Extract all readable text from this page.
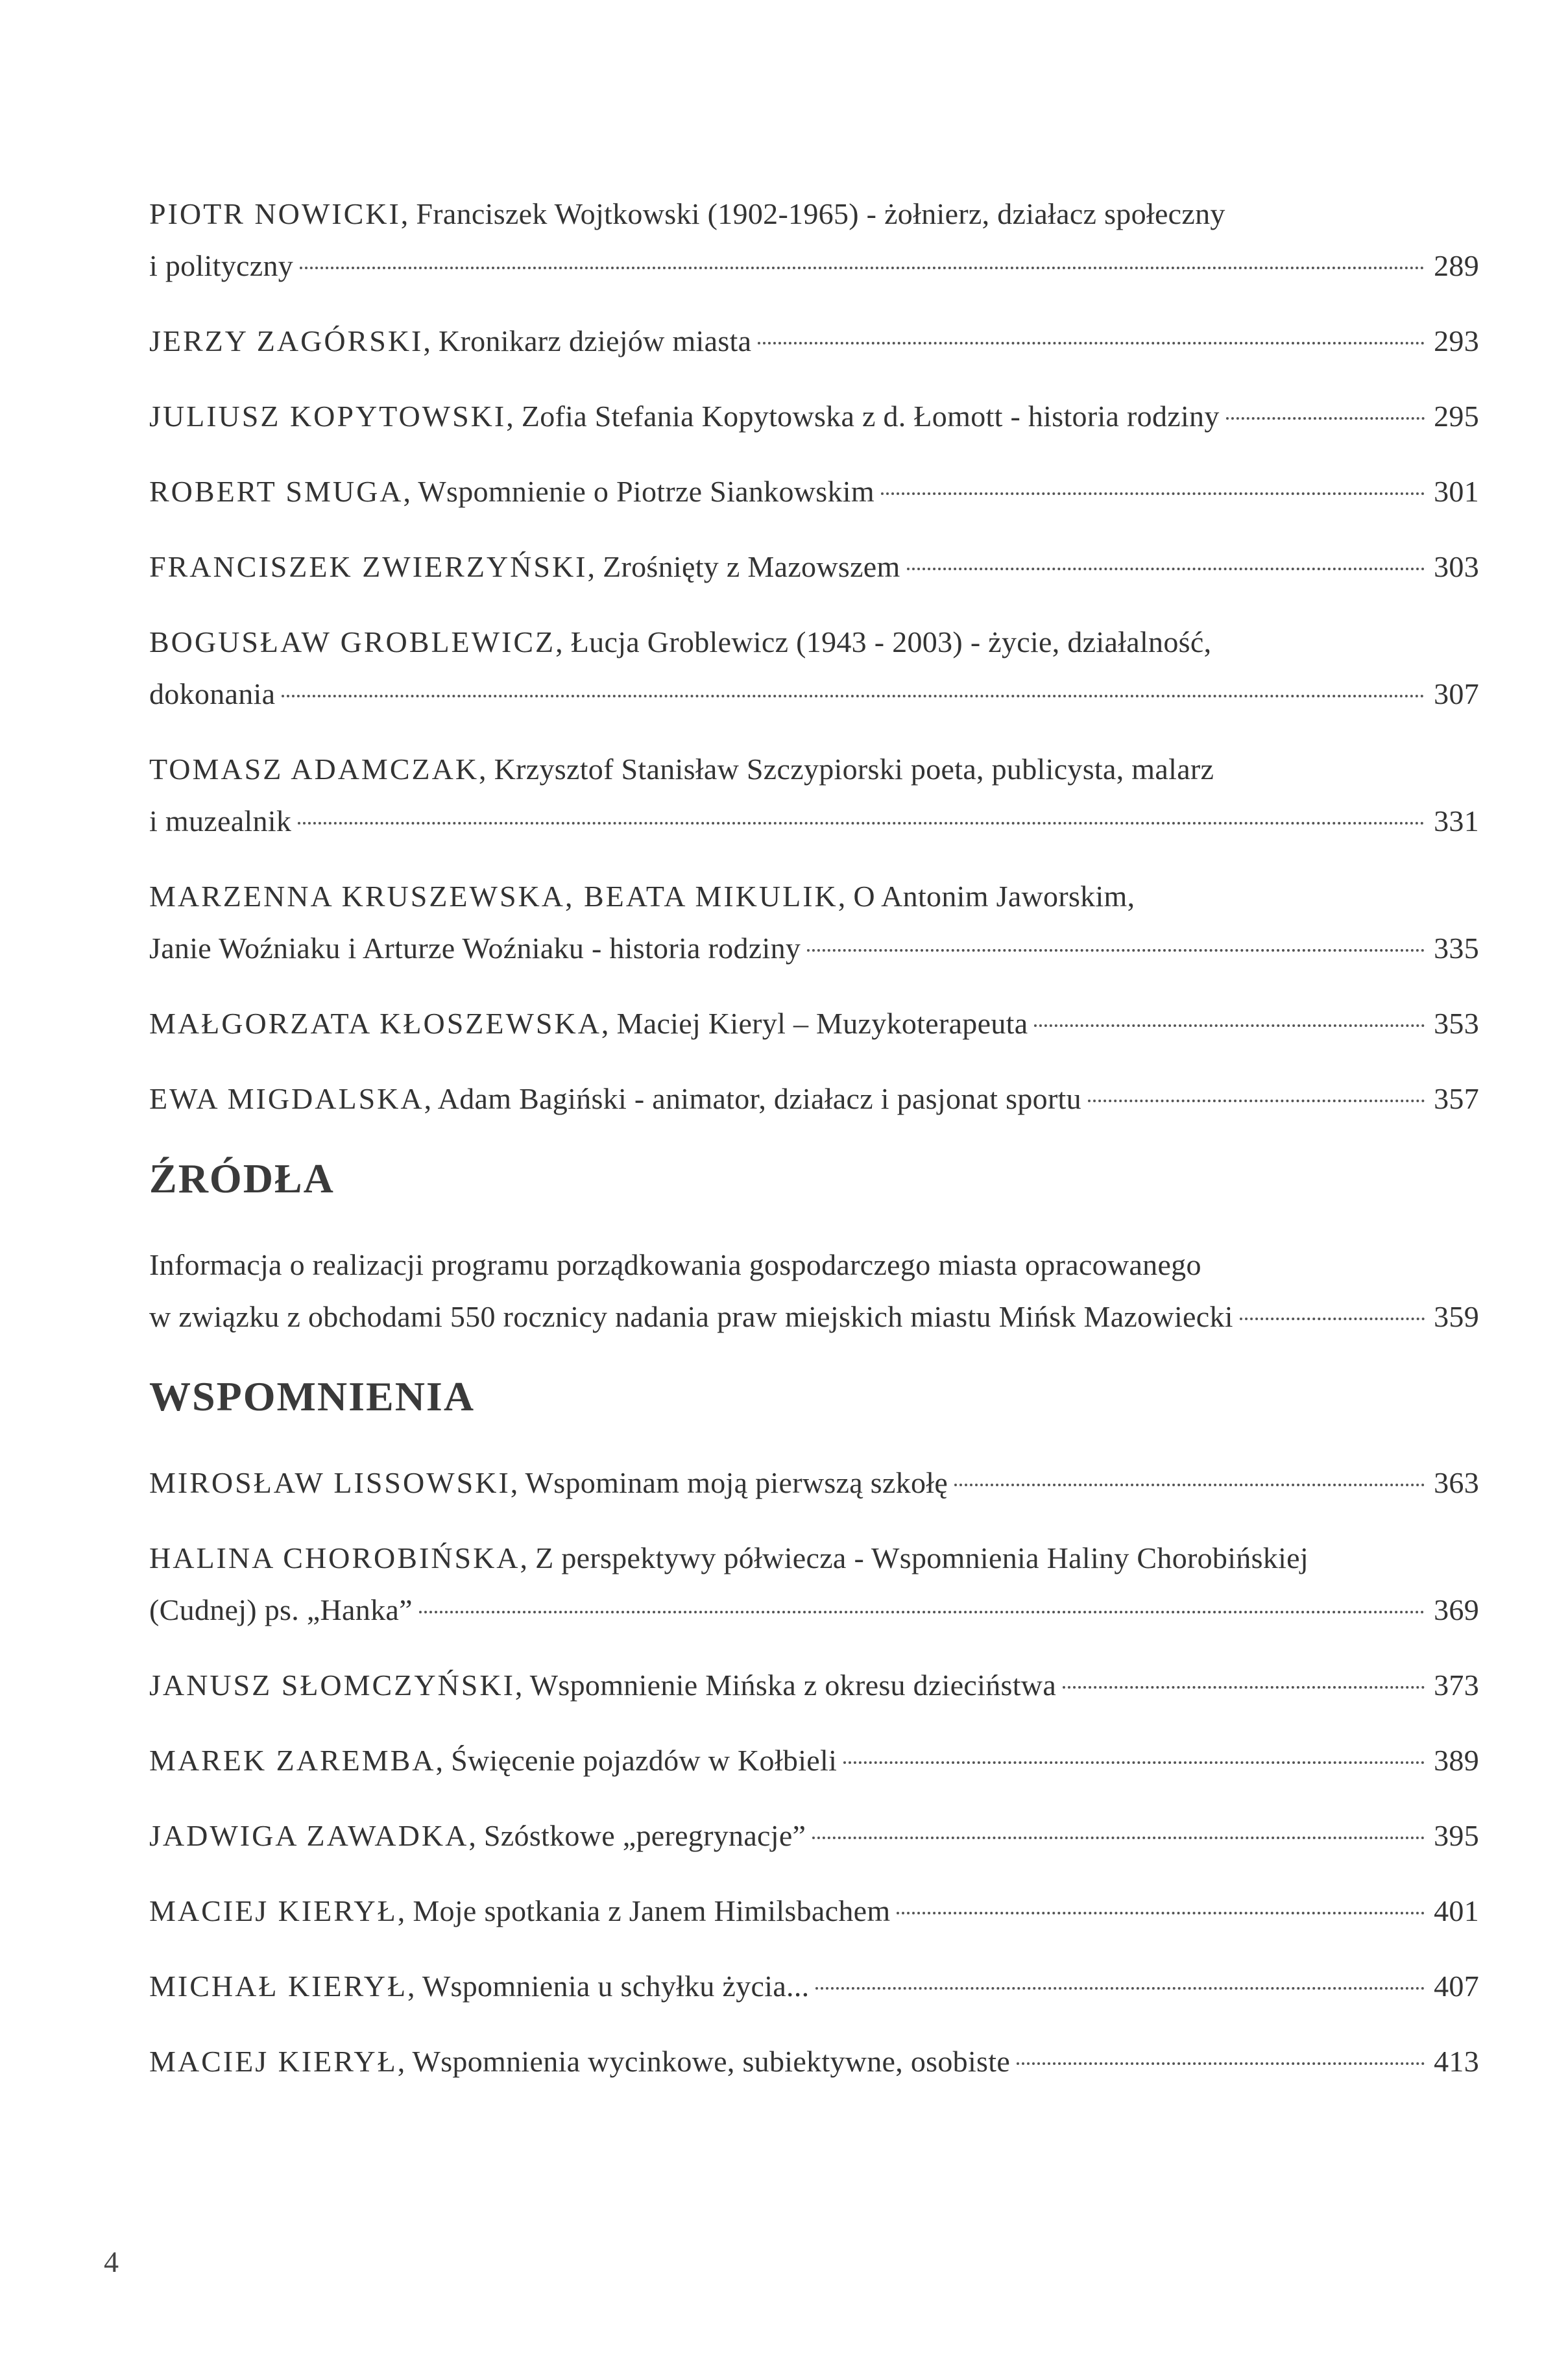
PIOTR NOWICKI, Franciszek Wojtkowski (1902-1965) - żołnierz, działacz społeczny
i polityczny	289
JERZY ZAGÓRSKI, Kronikarz dziejów miasta	293
JULIUSZ KOPYTOWSKI, Zofia Stefania Kopytowska z d. Łomott - historia rodziny	295
ROBERT SMUGA, Wspomnienie o Piotrze Siankowskim	301
FRANCISZEK ZWIERZYŃSKI, Zrośnięty z Mazowszem	303
BOGUSŁAW GROBLEWICZ, Łucja Groblewicz (1943 - 2003) - życie, działalność,
dokonania	307
TOMASZ ADAMCZAK, Krzysztof Stanisław Szczypiorski poeta, publicysta, malarz
i muzealnik	331
MARZENNA KRUSZEWSKA, BEATA MIKULIK, O Antonim Jaworskim,
Janie Woźniaku i Arturze Woźniaku - historia rodziny	335
MAŁGORZATA KŁOSZEWSKA, Maciej Kieryl – Muzykoterapeuta	353
EWA MIGDALSKA, Adam Bagiński - animator, działacz i pasjonat sportu	357
ŹRÓDŁA
Informacja o realizacji programu porządkowania gospodarczego miasta opracowanego
w związku z obchodami 550 rocznicy nadania praw miejskich miastu Mińsk Mazowiecki	359
WSPOMNIENIA
MIROSŁAW LISSOWSKI, Wspominam moją pierwszą szkołę	363
HALINA CHOROBIŃSKA, Z perspektywy półwiecza - Wspomnienia Haliny Chorobińskiej
(Cudnej) ps. „Hanka”	369
JANUSZ SŁOMCZYŃSKI, Wspomnienie Mińska z okresu dzieciństwa	373
MAREK ZAREMBA, Święcenie pojazdów w Kołbieli	389
JADWIGA ZAWADKA, Szóstkowe „peregrynacje”	395
MACIEJ KIERYŁ, Moje spotkania z Janem Himilsbachem	401
MICHAŁ KIERYŁ, Wspomnienia u schyłku życia...	407
MACIEJ KIERYŁ, Wspomnienia wycinkowe, subiektywne, osobiste	413
4
